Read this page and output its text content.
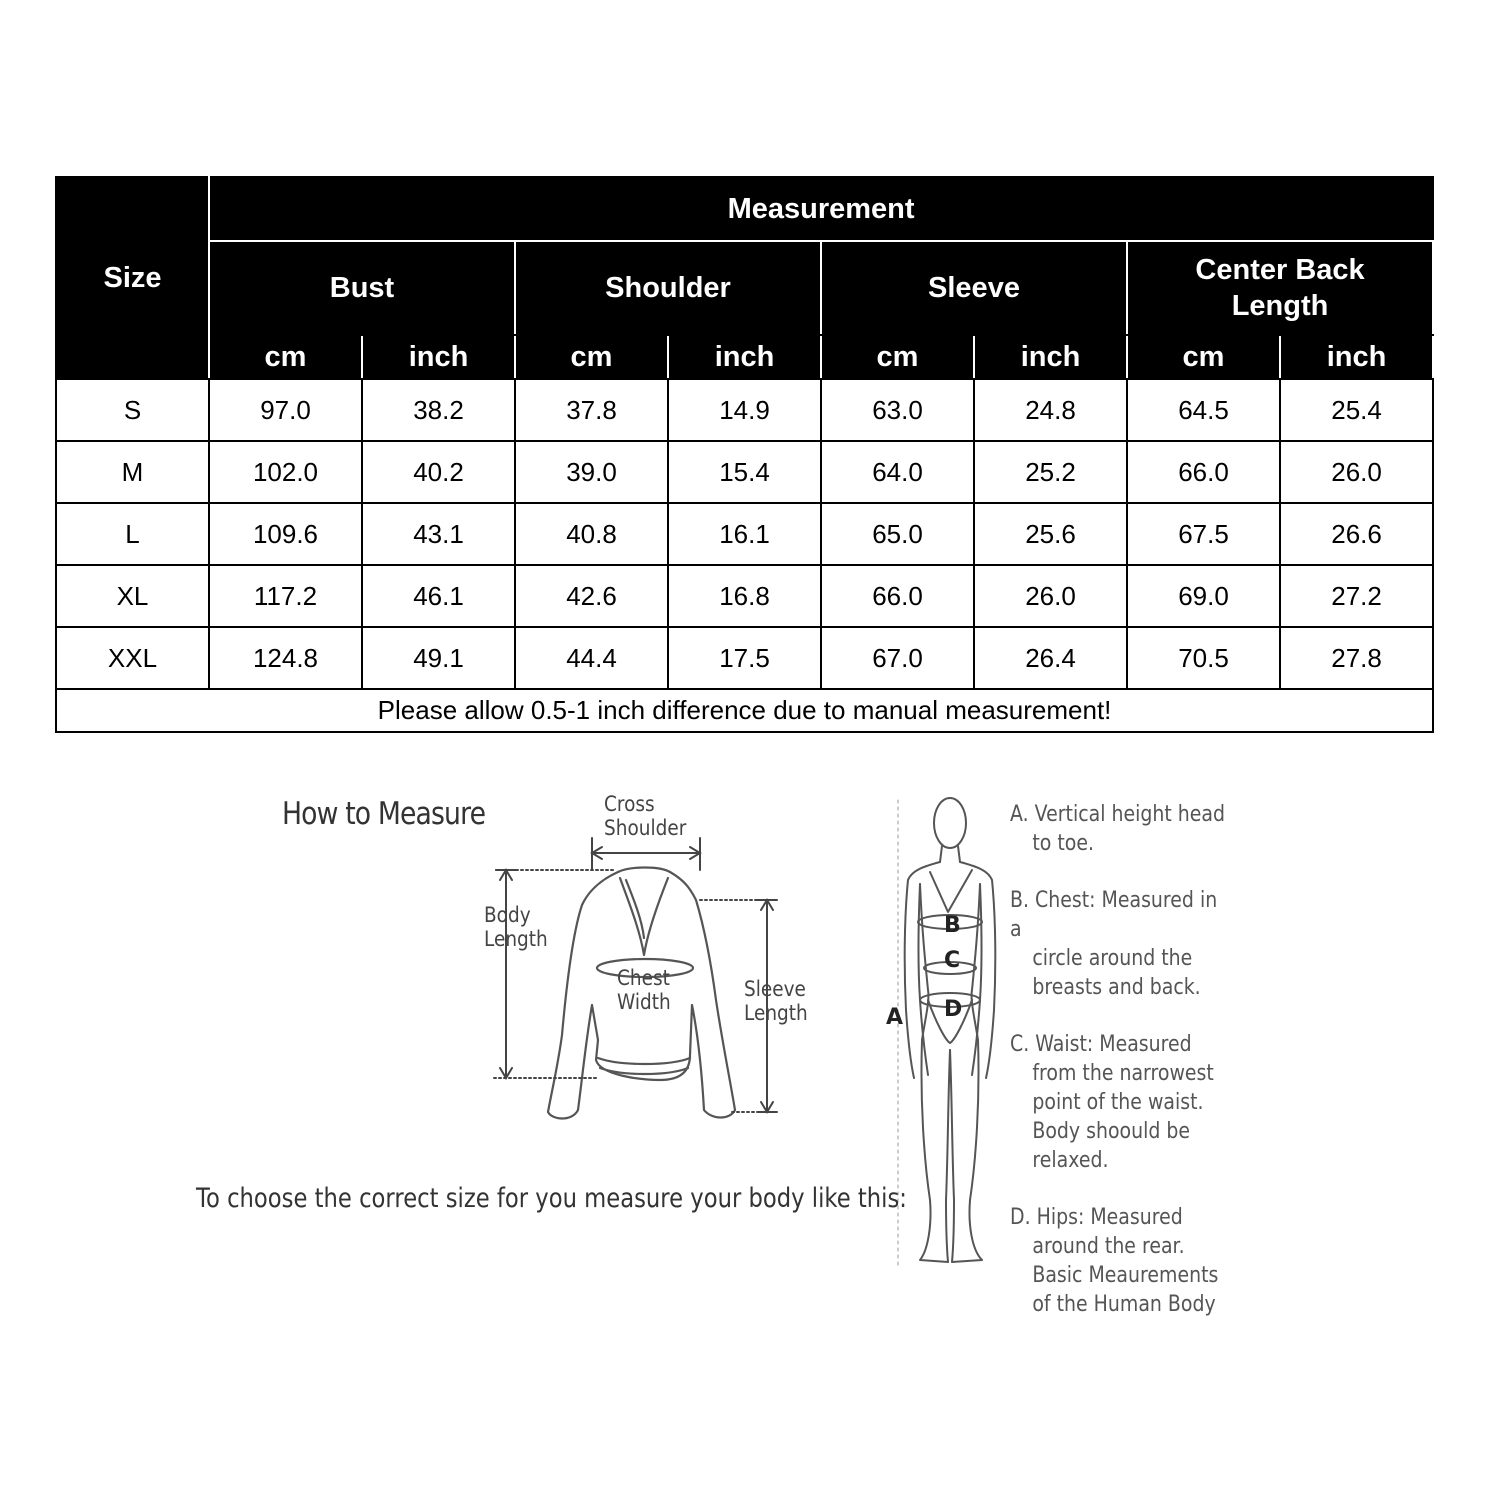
Size	Measurement							
	Bust		Shoulder		Sleeve		Center Back Length	
	cm	inch	cm	inch	cm	inch	cm	inch
S	97.0	38.2	37.8	14.9	63.0	24.8	64.5	25.4
M	102.0	40.2	39.0	15.4	64.0	25.2	66.0	26.0
L	109.6	43.1	40.8	16.1	65.0	25.6	67.5	26.6
XL	117.2	46.1	42.6	16.8	66.0	26.0	69.0	27.2
XXL	124.8	49.1	44.4	17.5	67.0	26.4	70.5	27.8
Please allow 0.5-1 inch difference due to manual measurement!								
How to Measure	Cross
Shoulder
Body
Length
Chest
Width
Sleeve
Length	A
B
C
D
To choose the correct size for you measure your body like this:
A. Vertical height head
to toe.
B. Chest: Measured in a
circle around the
breasts and back.
C. Waist: Measured
from the narrowest
point of the waist.
Body shoould be
relaxed.
D. Hips: Measured
around the rear.
Basic Meaurements
of the Human Body
